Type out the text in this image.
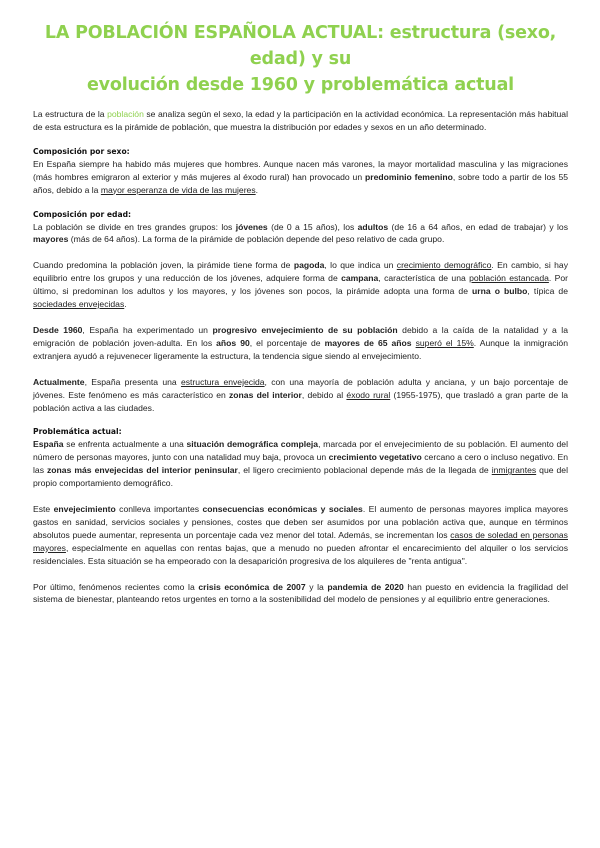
LA POBLACIÓN ESPAÑOLA ACTUAL: estructura (sexo, edad) y su
evolución desde 1960 y problemática actual

La estructura de la población se analiza según el sexo, la edad y la participación en la actividad económica. La representación más habitual de esta estructura es la pirámide de población, que muestra la distribución por edades y sexos en un año determinado.

Composición por sexo:

En España siempre ha habido más mujeres que hombres. Aunque nacen más varones, la mayor mortalidad masculina y las migraciones (más hombres emigraron al exterior y más mujeres al éxodo rural) han provocado un predominio femenino, sobre todo a partir de los 55 años, debido a la mayor esperanza de vida de las mujeres.

Composición por edad:

La población se divide en tres grandes grupos: los jóvenes (de 0 a 15 años), los adultos (de 16 a 64 años, en edad de trabajar) y los mayores (más de 64 años). La forma de la pirámide de población depende del peso relativo de cada grupo.

Cuando predomina la población joven, la pirámide tiene forma de pagoda, lo que indica un crecimiento demográfico. En cambio, si hay equilibrio entre los grupos y una reducción de los jóvenes, adquiere forma de campana, característica de una población estancada. Por último, si predominan los adultos y los mayores, y los jóvenes son pocos, la pirámide adopta una forma de urna o bulbo, típica de sociedades envejecidas.

Desde 1960, España ha experimentado un progresivo envejecimiento de su población debido a la caída de la natalidad y a la emigración de población joven-adulta. En los años 90, el porcentaje de mayores de 65 años superó el 15%. Aunque la inmigración extranjera ayudó a rejuvenecer ligeramente la estructura, la tendencia sigue siendo al envejecimiento.

Actualmente, España presenta una estructura envejecida, con una mayoría de población adulta y anciana, y un bajo porcentaje de jóvenes. Este fenómeno es más característico en zonas del interior, debido al éxodo rural (1955-1975), que trasladó a gran parte de la población activa a las ciudades.

Problemática actual:

España se enfrenta actualmente a una situación demográfica compleja, marcada por el envejecimiento de su población. El aumento del número de personas mayores, junto con una natalidad muy baja, provoca un crecimiento vegetativo cercano a cero o incluso negativo. En las zonas más envejecidas del interior peninsular, el ligero crecimiento poblacional depende más de la llegada de inmigrantes que del propio comportamiento demográfico.

Este envejecimiento conlleva importantes consecuencias económicas y sociales. El aumento de personas mayores implica mayores gastos en sanidad, servicios sociales y pensiones, costes que deben ser asumidos por una población activa que, aunque en términos absolutos puede aumentar, representa un porcentaje cada vez menor del total. Además, se incrementan los casos de soledad en personas mayores, especialmente en aquellas con rentas bajas, que a menudo no pueden afrontar el encarecimiento del alquiler o los servicios residenciales. Esta situación se ha empeorado con la desaparición progresiva de los alquileres de "renta antigua".

Por último, fenómenos recientes como la crisis económica de 2007 y la pandemia de 2020 han puesto en evidencia la fragilidad del sistema de bienestar, planteando retos urgentes en torno a la sostenibilidad del modelo de pensiones y al equilibrio entre generaciones.
